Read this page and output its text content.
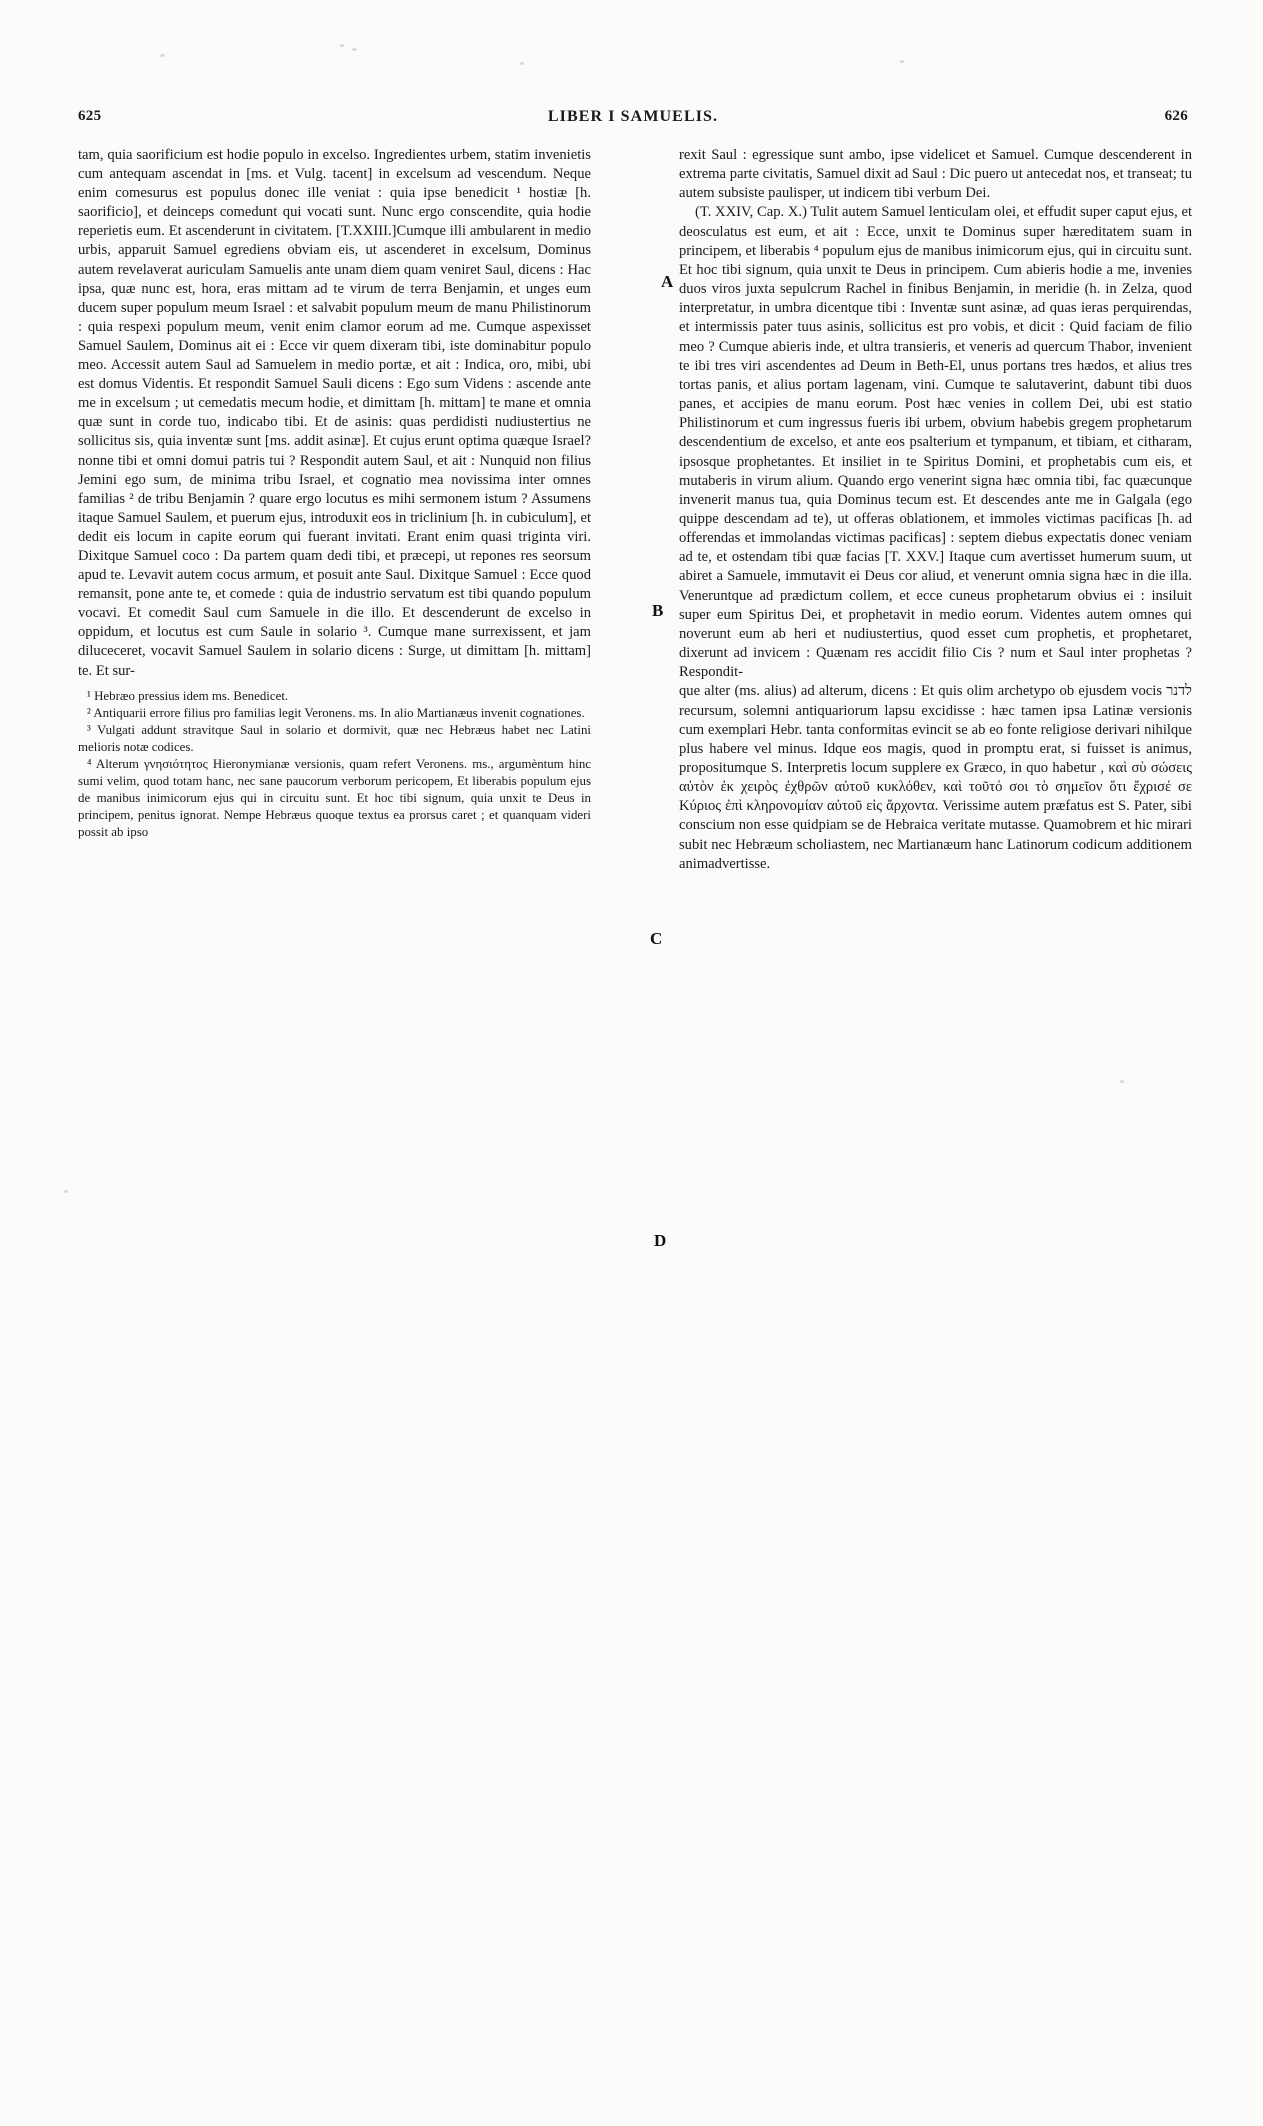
625	LIBER I SAMUELIS.	626

tam, quia saorificium est hodie populo in excelso. Ingredientes urbem, statim invenietis cum antequam ascendat in [ms. et Vulg. tacent] in excelsum ad vescendum. Neque enim comesurus est populus donec ille veniat : quia ipse benedicit ¹ hostiæ [h. saorificio], et deinceps comedunt qui vocati sunt. Nunc ergo conscendite, quia hodie reperietis eum. Et ascenderunt in civitatem. [T.XXIII.]Cumque illi ambularent in medio urbis, apparuit Samuel egrediens obviam eis, ut ascenderet in excelsum, Dominus autem revelaverat auriculam Samuelis ante unam diem quam veniret Saul, dicens : Hac ipsa, quæ nunc est, hora, eras mittam ad te virum de terra Benjamin, et unges eum ducem super populum meum Israel : et salvabit populum meum de manu Philistinorum : quia respexi populum meum, venit enim clamor eorum ad me. Cumque aspexisset Samuel Saulem, Dominus ait ei : Ecce vir quem dixeram tibi, iste dominabitur populo meo. Accessit autem Saul ad Samuelem in medio portæ, et ait : Indica, oro, mibi, ubi est domus Videntis. Et respondit Samuel Sauli dicens : Ego sum Videns : ascende ante me in excelsum ; ut cemedatis mecum hodie, et dimittam [h. mittam] te mane et omnia quæ sunt in corde tuo, indicabo tibi. Et de asinis: quas perdidisti nudiustertius ne sollicitus sis, quia inventæ sunt [ms. addit asinæ]. Et cujus erunt optima quæque Israel? nonne tibi et omni domui patris tui ? Respondit autem Saul, et ait : Nunquid non filius Jemini ego sum, de minima tribu Israel, et cognatio mea novissima inter omnes familias ² de tribu Benjamin ? quare ergo locutus es mihi sermonem istum ? Assumens itaque Samuel Saulem, et puerum ejus, introduxit eos in triclinium [h. in cubiculum], et dedit eis locum in capite eorum qui fuerant invitati. Erant enim quasi triginta viri. Dixitque Samuel coco : Da partem quam dedi tibi, et præcepi, ut repones res seorsum apud te. Levavit autem cocus armum, et posuit ante Saul. Dixitque Samuel : Ecce quod remansit, pone ante te, et comede : quia de industrio servatum est tibi quando populum vocavi. Et comedit Saul cum Samuele in die illo. Et descenderunt de excelso in oppidum, et locutus est cum Saule in solario ³. Cumque mane surrexissent, et jam diluceceret, vocavit Samuel Saulem in solario dicens : Surge, ut dimittam [h. mittam] te. Et sur-

¹ Hebræo pressius idem ms. Benedicet.

² Antiquarii errore filius pro familias legit Veronens. ms. In alio Martianæus invenit cognationes.

³ Vulgati addunt stravitque Saul in solario et dormivit, quæ nec Hebræus habet nec Latini melioris notæ codices.

⁴ Alterum γνησιότητος Hieronymianæ versionis, quam refert Veronens. ms., argumèntum hinc sumi velim, quod totam hanc, nec sane paucorum verborum pericopem, Et liberabis populum ejus de manibus inimicorum ejus qui in circuitu sunt. Et hoc tibi signum, quia unxit te Deus in principem, penitus ignorat. Nempe Hebræus quoque textus ea prorsus caret ; et quanquam videri possit ab ipso

rexit Saul : egressique sunt ambo, ipse videlicet et Samuel. Cumque descenderent in extrema parte civitatis, Samuel dixit ad Saul : Dic puero ut antecedat nos, et transeat; tu autem subsiste paulisper, ut indicem tibi verbum Dei.

(T. XXIV, Cap. X.) Tulit autem Samuel lenticulam olei, et effudit super caput ejus, et deosculatus est eum, et ait : Ecce, unxit te Dominus super hæreditatem suam in principem, et liberabis ⁴ populum ejus de manibus inimicorum ejus, qui in circuitu sunt. Et hoc tibi signum, quia unxit te Deus in principem. Cum abieris hodie a me, invenies duos viros juxta sepulcrum Rachel in finibus Benjamin, in meridie (h. in Zelza, quod interpretatur, in umbra dicentque tibi : Inventæ sunt asinæ, ad quas ieras perquirendas, et intermissis pater tuus asinis, sollicitus est pro vobis, et dicit : Quid faciam de filio meo ? Cumque abieris inde, et ultra transieris, et veneris ad quercum Thabor, invenient te ibi tres viri ascendentes ad Deum in Beth-El, unus portans tres hædos, et alius tres tortas panis, et alius portam lagenam, vini. Cumque te salutaverint, dabunt tibi duos panes, et accipies de manu eorum. Post hæc venies in collem Dei, ubi est statio Philistinorum et cum ingressus fueris ibi urbem, obvium habebis gregem prophetarum descendentium de excelso, et ante eos psalterium et tympanum, et tibiam, et citharam, ipsosque prophetantes. Et insiliet in te Spiritus Domini, et prophetabis cum eis, et mutaberis in virum alium. Quando ergo venerint signa hæc omnia tibi, fac quæcunque invenerit manus tua, quia Dominus tecum est. Et descendes ante me in Galgala (ego quippe descendam ad te), ut offeras oblationem, et immoles victimas pacificas [h. ad offerendas et immolandas victimas pacificas] : septem diebus expectatis donec veniam ad te, et ostendam tibi quæ facias [T. XXV.] Itaque cum avertisset humerum suum, ut abiret a Samuele, immutavit ei Deus cor aliud, et venerunt omnia signa hæc in die illa. Veneruntque ad prædictum collem, et ecce cuneus prophetarum obvius ei : insiluit super eum Spiritus Dei, et prophetavit in medio eorum. Videntes autem omnes qui noverunt eum ab heri et nudiustertius, quod esset cum prophetis, et prophetaret, dixerunt ad invicem : Quænam res accidit filio Cis ? num et Saul inter prophetas ? Respondit-

que alter (ms. alius) ad alterum, dicens : Et quis olim archetypo ob ejusdem vocis לדנר recursum, solemni antiquariorum lapsu excidisse : hæc tamen ipsa Latinæ versionis cum exemplari Hebr. tanta conformitas evincit se ab eo fonte religiose derivari nihilque plus habere vel minus. Idque eos magis, quod in promptu erat, si fuisset is animus, propositumque S. Interpretis locum supplere ex Græco, in quo habetur , καὶ σὺ σώσεις αὐτὸν ἐκ χειρὸς ἐχθρῶν αὐτοῦ κυκλόθεν, καὶ τοῦτό σοι τὸ σημεῖον ὅτι ἔχρισέ σε Κύριος ἐπὶ κληρονομίαν αὐτοῦ εἰς ἄρχοντα. Verissime autem præfatus est S. Pater, sibi conscium non esse quidpiam se de Hebraica veritate mutasse. Quamobrem et hic mirari subit nec Hebræum scholiastem, nec Martianæum hanc Latinorum codicum additionem animadvertisse.

A
B
C
D
